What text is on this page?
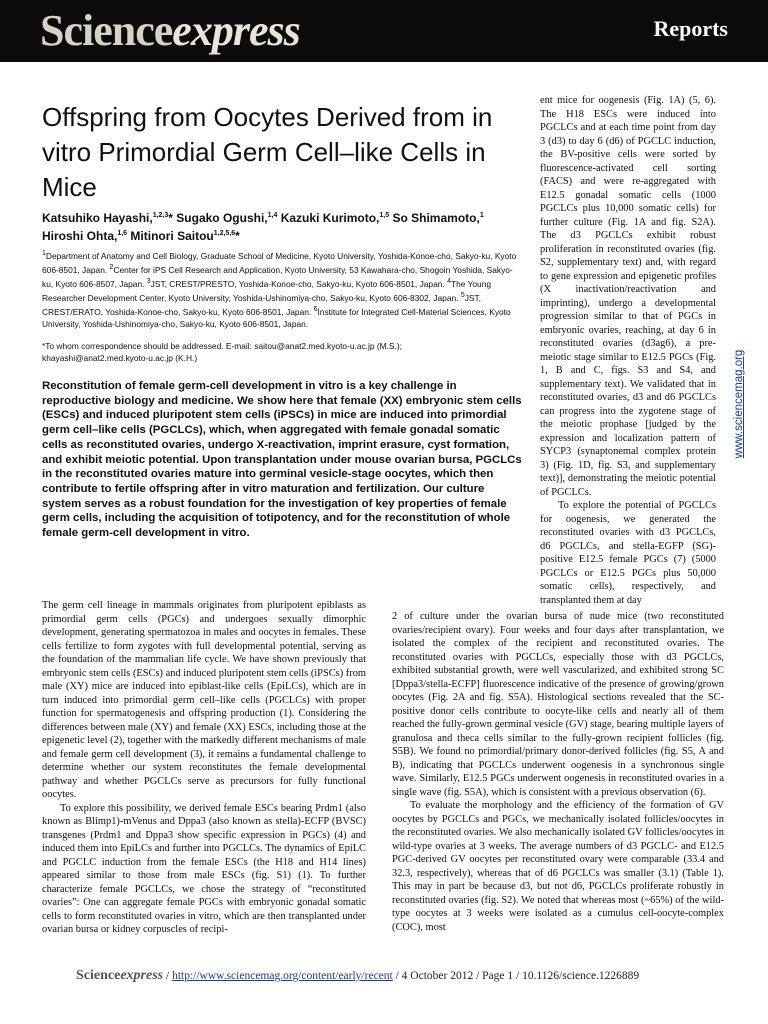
Scienceexpress	Reports
Offspring from Oocytes Derived from in vitro Primordial Germ Cell–like Cells in Mice
Katsuhiko Hayashi,$^{1,2,3}$* Sugako Ogushi,$^{1,4}$ Kazuki Kurimoto,$^{1,5}$ So Shimamoto,$^1$ Hiroshi Ohta,$^{1,6}$ Mitinori Saitou$^{1,2,5,6}$*
$^1$Department of Anatomy and Cell Biology, Graduate School of Medicine, Kyoto University, Yoshida-Konoe-cho, Sakyo-ku, Kyoto 606-8501, Japan. $^2$Center for iPS Cell Research and Application, Kyoto University, 53 Kawahara-cho, Shogoin Yoshida, Sakyo-ku, Kyoto 606-8507, Japan. $^3$JST, CREST/PRESTO, Yoshida-Konoe-cho, Sakyo-ku, Kyoto 606-8501, Japan. $^4$The Young Researcher Development Center, Kyoto University, Yoshida-Ushinomiya-cho, Sakyo-ku, Kyoto 606-8302, Japan. $^5$JST, CREST/ERATO, Yoshida-Konoe-cho, Sakyo-ku, Kyoto 606-8501, Japan. $^6$Institute for Integrated Cell-Material Sciences, Kyoto University, Yoshida-Ushinomiya-cho, Sakyo-ku, Kyoto 606-8501, Japan.
*To whom correspondence should be addressed. E-mail: saitou@anat2.med.kyoto-u.ac.jp (M.S.);
khayashi@anat2.med.kyoto-u.ac.jp (K.H.)
Reconstitution of female germ-cell development in vitro is a key challenge in reproductive biology and medicine. We show here that female (XX) embryonic stem cells (ESCs) and induced pluripotent stem cells (iPSCs) in mice are induced into primordial germ cell–like cells (PGCLCs), which, when aggregated with female gonadal somatic cells as reconstituted ovaries, undergo X-reactivation, imprint erasure, cyst formation, and exhibit meiotic potential. Upon transplantation under mouse ovarian bursa, PGCLCs in the reconstituted ovaries mature into germinal vesicle-stage oocytes, which then contribute to fertile offspring after in vitro maturation and fertilization. Our culture system serves as a robust foundation for the investigation of key properties of female germ cells, including the acquisition of totipotency, and for the reconstitution of whole female germ-cell development in vitro.

The germ cell lineage in mammals originates from pluripotent epiblasts as primordial germ cells (PGCs) and undergoes sexually dimorphic development, generating spermatozoa in males and oocytes in females. These cells fertilize to form zygotes with full developmental potential, serving as the foundation of the mammalian life cycle. We have shown previously that embryonic stem cells (ESCs) and induced pluripotent stem cells (iPSCs) from male (XY) mice are induced into epiblast-like cells (EpiLCs), which are in turn induced into primordial germ cell–like cells (PGCLCs) with proper function for spermatogenesis and offspring production (1). Considering the differences between male (XY) and female (XX) ESCs, including those at the epigenetic level (2), together with the markedly different mechanisms of male and female germ cell development (3), it remains a fundamental challenge to determine whether our system reconstitutes the female developmental pathway and whether PGCLCs serve as precursors for fully functional oocytes.

To explore this possibility, we derived female ESCs bearing Prdm1 (also known as Blimp1)-mVenus and Dppa3 (also known as stella)-ECFP (BVSC) transgenes (Prdm1 and Dppa3 show specific expression in PGCs) (4) and induced them into EpiLCs and further into PGCLCs. The dynamics of EpiLC and PGCLC induction from the female ESCs (the H18 and H14 lines) appeared similar to those from male ESCs (fig. S1) (1). To further characterize female PGCLCs, we chose the strategy of “reconstituted ovaries”: One can aggregate female PGCs with embryonic gonadal somatic cells to form reconstituted ovaries in vitro, which are then transplanted under ovarian bursa or kidney corpuscles of recipi-

ent mice for oogenesis (Fig. 1A) (5, 6). The H18 ESCs were induced into PGCLCs and at each time point from day 3 (d3) to day 6 (d6) of PGCLC induction, the BV-positive cells were sorted by fluorescence-activated cell sorting (FACS) and were re-aggregated with E12.5 gonadal somatic cells (1000 PGCLCs plus 10,000 somatic cells) for further culture (Fig. 1A and fig. S2A). The d3 PGCLCs exhibit robust proliferation in reconstituted ovaries (fig. S2, supplementary text) and, with regard to gene expression and epigenetic profiles (X inactivation/reactivation and imprinting), undergo a developmental progression similar to that of PGCs in embryonic ovaries, reaching, at day 6 in reconstituted ovaries (d3ag6), a pre-meiotic stage similar to E12.5 PGCs (Fig. 1, B and C, figs. S3 and S4, and supplementary text). We validated that in reconstituted ovaries, d3 and d6 PGCLCs can progress into the zygotene stage of the meiotic prophase [judged by the expression and localization pattern of SYCP3 (synaptonemal complex protein 3) (Fig. 1D, fig. S3, and supplementary text)], demonstrating the meiotic potential of PGCLCs.

To explore the potential of PGCLCs for oogenesis, we generated the reconstituted ovaries with d3 PGCLCs, d6 PGCLCs, and stella-EGFP (SG)-positive E12.5 female PGCs (7) (5000 PGCLCs or E12.5 PGCs plus 50,000 somatic cells), respectively, and transplanted them at day

2 of culture under the ovarian bursa of nude mice (two reconstituted ovaries/recipient ovary). Four weeks and four days after transplantation, we isolated the complex of the recipient and reconstituted ovaries. The reconstituted ovaries with PGCLCs, especially those with d3 PGCLCs, exhibited substantial growth, were well vascularized, and exhibited strong SC [Dppa3/stella-ECFP] fluorescence indicative of the presence of growing/grown oocytes (Fig. 2A and fig. S5A). Histological sections revealed that the SC-positive donor cells contribute to oocyte-like cells and nearly all of them reached the fully-grown germinal vesicle (GV) stage, bearing multiple layers of granulosa and theca cells similar to the fully-grown recipient follicles (fig. S5B). We found no primordial/primary donor-derived follicles (fig. S5, A and B), indicating that PGCLCs underwent oogenesis in a synchronous single wave. Similarly, E12.5 PGCs underwent oogenesis in reconstituted ovaries in a single wave (fig. S5A), which is consistent with a previous observation (6).

To evaluate the morphology and the efficiency of the formation of GV oocytes by PGCLCs and PGCs, we mechanically isolated follicles/oocytes in the reconstituted ovaries. We also mechanically isolated GV follicles/oocytes in wild-type ovaries at 3 weeks. The average numbers of d3 PGCLC- and E12.5 PGC-derived GV oocytes per reconstituted ovary were comparable (33.4 and 32.3, respectively), whereas that of d6 PGCLCs was smaller (3.1) (Table 1). This may in part be because d3, but not d6, PGCLCs proliferate robustly in reconstituted ovaries (fig. S2). We noted that whereas most (~65%) of the wild-type oocytes at 3 weeks were isolated as a cumulus cell-oocyte-complex (COC), most

www.sciencemag.org
Scienceexpress / http://www.sciencemag.org/content/early/recent / 4 October 2012 / Page 1 / 10.1126/science.1226889
